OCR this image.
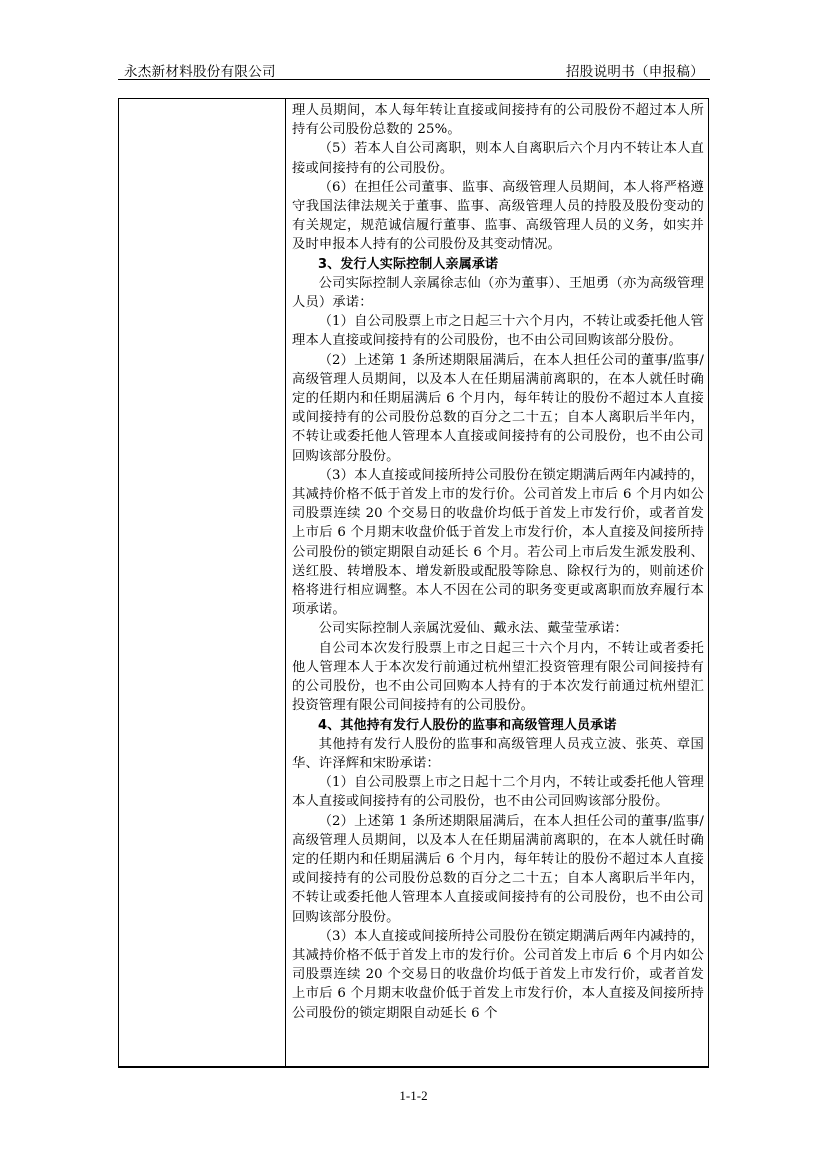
永杰新材料股份有限公司	招股说明书（申报稿）

理人员期间，本人每年转让直接或间接持有的公司股份不超过本人所持有公司股份总数的 25%。

（5）若本人自公司离职，则本人自离职后六个月内不转让本人直接或间接持有的公司股份。

（6）在担任公司董事、监事、高级管理人员期间，本人将严格遵守我国法律法规关于董事、监事、高级管理人员的持股及股份变动的有关规定，规范诚信履行董事、监事、高级管理人员的义务，如实并及时申报本人持有的公司股份及其变动情况。

3、发行人实际控制人亲属承诺

公司实际控制人亲属徐志仙（亦为董事）、王旭勇（亦为高级管理人员）承诺：

（1）自公司股票上市之日起三十六个月内，不转让或委托他人管理本人直接或间接持有的公司股份，也不由公司回购该部分股份。

（2）上述第 1 条所述期限届满后，在本人担任公司的董事/监事/高级管理人员期间，以及本人在任期届满前离职的，在本人就任时确定的任期内和任期届满后 6 个月内，每年转让的股份不超过本人直接或间接持有的公司股份总数的百分之二十五；自本人离职后半年内，不转让或委托他人管理本人直接或间接持有的公司股份，也不由公司回购该部分股份。

（3）本人直接或间接所持公司股份在锁定期满后两年内减持的，其减持价格不低于首发上市的发行价。公司首发上市后 6 个月内如公司股票连续 20 个交易日的收盘价均低于首发上市发行价，或者首发上市后 6 个月期末收盘价低于首发上市发行价，本人直接及间接所持公司股份的锁定期限自动延长 6 个月。若公司上市后发生派发股利、送红股、转增股本、增发新股或配股等除息、除权行为的，则前述价格将进行相应调整。本人不因在公司的职务变更或离职而放弃履行本项承诺。

公司实际控制人亲属沈爱仙、戴永法、戴莹莹承诺：

自公司本次发行股票上市之日起三十六个月内，不转让或者委托他人管理本人于本次发行前通过杭州望汇投资管理有限公司间接持有的公司股份，也不由公司回购本人持有的于本次发行前通过杭州望汇投资管理有限公司间接持有的公司股份。

4、其他持有发行人股份的监事和高级管理人员承诺

其他持有发行人股份的监事和高级管理人员戎立波、张英、章国华、许泽辉和宋盼承诺：

（1）自公司股票上市之日起十二个月内，不转让或委托他人管理本人直接或间接持有的公司股份，也不由公司回购该部分股份。

（2）上述第 1 条所述期限届满后，在本人担任公司的董事/监事/高级管理人员期间，以及本人在任期届满前离职的，在本人就任时确定的任期内和任期届满后 6 个月内，每年转让的股份不超过本人直接或间接持有的公司股份总数的百分之二十五；自本人离职后半年内，不转让或委托他人管理本人直接或间接持有的公司股份，也不由公司回购该部分股份。

（3）本人直接或间接所持公司股份在锁定期满后两年内减持的，其减持价格不低于首发上市的发行价。公司首发上市后 6 个月内如公司股票连续 20 个交易日的收盘价均低于首发上市发行价，或者首发上市后 6 个月期末收盘价低于首发上市发行价，本人直接及间接所持公司股份的锁定期限自动延长 6 个

1-1-2
